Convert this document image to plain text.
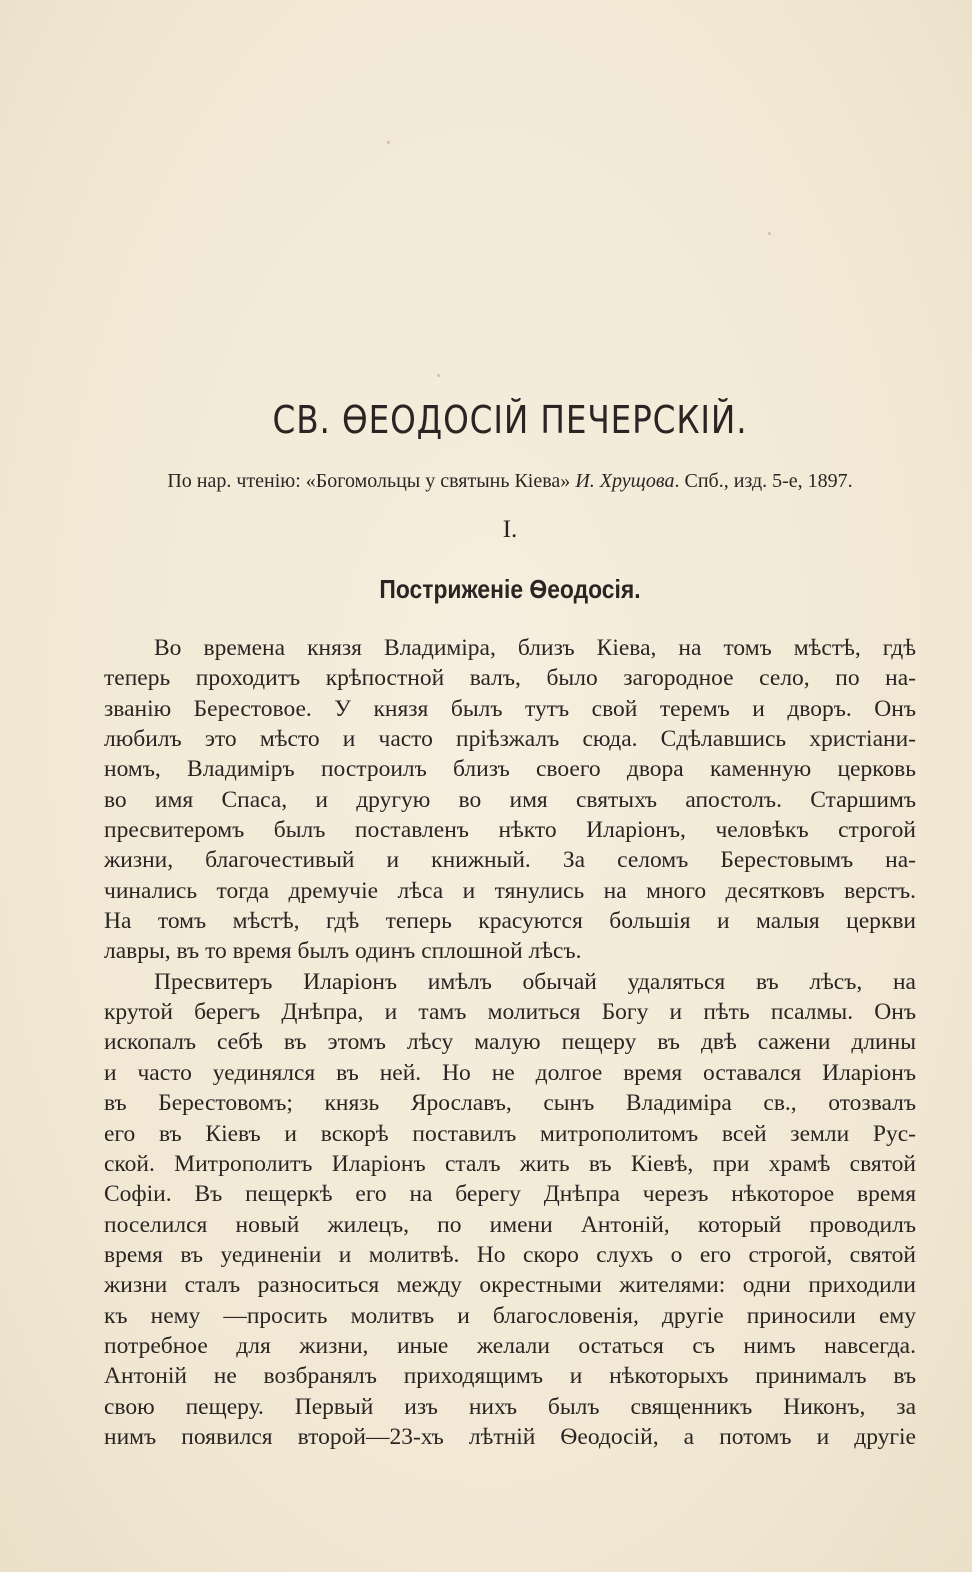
СВ. ѲЕОДОСІЙ ПЕЧЕРСКІЙ.
По нар. чтенію: «Богомольцы у святынь Кіева» И. Хрущова. Спб., изд. 5-е, 1897.
I.
Постриженіе Ѳеодосія.
Во времена князя Владиміра, близъ Кіева, на томъ мѣстѣ, гдѣ
теперь проходитъ крѣпостной валъ, было загородное село, по на-
званію Берестовое. У князя былъ тутъ свой теремъ и дворъ. Онъ
любилъ это мѣсто и часто пріѣзжалъ сюда. Сдѣлавшись христіани-
номъ, Владиміръ построилъ близъ своего двора каменную церковь
во имя Спаса, и другую во имя святыхъ апостолъ. Старшимъ
пресвитеромъ былъ поставленъ нѣкто Иларіонъ, человѣкъ строгой
жизни, благочестивый и книжный. За селомъ Берестовымъ на-
чинались тогда дремучіе лѣса и тянулись на много десятковъ верстъ.
На томъ мѣстѣ, гдѣ теперь красуются большія и малыя церкви
лавры, въ то время былъ одинъ сплошной лѣсъ.
Пресвитеръ Иларіонъ имѣлъ обычай удаляться въ лѣсъ, на
крутой берегъ Днѣпра, и тамъ молиться Богу и пѣть псалмы. Онъ
ископалъ себѣ въ этомъ лѣсу малую пещеру въ двѣ сажени длины
и часто уединялся въ ней. Но не долгое время оставался Иларіонъ
въ Берестовомъ; князь Ярославъ, сынъ Владиміра св., отозвалъ
его въ Кіевъ и вскорѣ поставилъ митрополитомъ всей земли Рус-
ской. Митрополитъ Иларіонъ сталъ жить въ Кіевѣ, при храмѣ святой
Софіи. Въ пещеркѣ его на берегу Днѣпра черезъ нѣкоторое время
поселился новый жилецъ, по имени Антоній, который проводилъ
время въ уединеніи и молитвѣ. Но скоро слухъ о его строгой, святой
жизни сталъ разноситься между окрестными жителями: одни приходили
къ нему —просить молитвъ и благословенія, другіе приносили ему
потребное для жизни, иные желали остаться съ нимъ навсегда.
Антоній не возбранялъ приходящимъ и нѣкоторыхъ принималъ въ
свою пещеру. Первый изъ нихъ былъ священникъ Никонъ, за
нимъ появился второй—23-хъ лѣтній Ѳеодосій, а потомъ и другіе
